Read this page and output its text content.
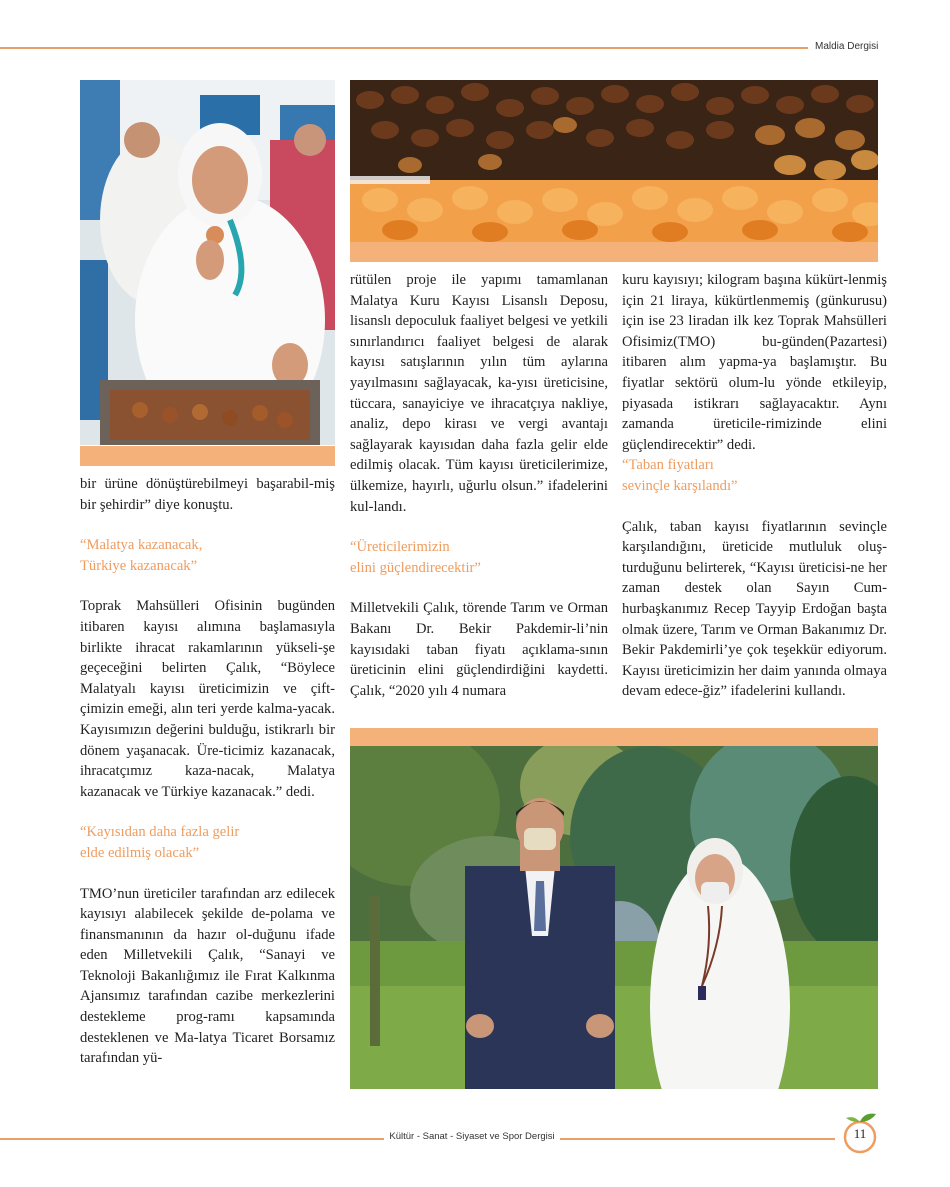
Maldia Dergisi

bir ürüne dönüştürebilmeyi başarabil-miş bir şehirdir” diye konuştu.

“Malatya kazanacak,

Türkiye kazanacak”

Toprak Mahsülleri Ofisinin bugünden itibaren kayısı alımına başlamasıyla birlikte ihracat rakamlarının yükseli-şe geçeceğini belirten Çalık, “Böylece Malatyalı kayısı üreticimizin ve çift-çimizin emeği, alın teri yerde kalma-yacak. Kayısımızın değerini bulduğu, istikrarlı bir dönem yaşanacak. Üre-ticimiz kazanacak, ihracatçımız kaza-nacak, Malatya kazanacak ve Türkiye kazanacak.” dedi.

“Kayısıdan daha fazla gelir

elde edilmiş olacak”

TMO’nun üreticiler tarafından arz edilecek kayısıyı alabilecek şekilde de-polama ve finansmanının da hazır ol-duğunu ifade eden Milletvekili Çalık, “Sanayi ve Teknoloji Bakanlığımız ile Fırat Kalkınma Ajansımız tarafından cazibe merkezlerini destekleme prog-ramı kapsamında desteklenen ve Ma-latya Ticaret Borsamız tarafından yü-

rütülen proje ile yapımı tamamlanan Malatya Kuru Kayısı Lisanslı Deposu, lisanslı depoculuk faaliyet belgesi ve yetkili sınırlandırıcı faaliyet belgesi de alarak kayısı satışlarının yılın tüm aylarına yayılmasını sağlayacak, ka-yısı üreticisine, tüccara, sanayiciye ve ihracatçıya nakliye, analiz, depo kirası ve vergi avantajı sağlayarak kayısıdan daha fazla gelir elde edilmiş olacak. Tüm kayısı üreticilerimize, ülkemize, hayırlı, uğurlu olsun.” ifadelerini kul-landı.

“Üreticilerimizin

elini güçlendirecektir”

Milletvekili Çalık, törende Tarım ve Orman Bakanı Dr. Bekir Pakdemir-li’nin kayısıdaki taban fiyatı açıklama-sının üreticinin elini güçlendirdiğini kaydetti. Çalık, “2020 yılı 4 numara

kuru kayısıyı; kilogram başına kükürt-lenmiş için 21 liraya, kükürtlenmemiş (günkurusu) için ise 23 liradan ilk kez Toprak Mahsülleri Ofisimiz(TMO) bu-günden(Pazartesi) itibaren alım yapma-ya başlamıştır. Bu fiyatlar sektörü olum-lu yönde etkileyip, piyasada istikrarı sağlayacaktır. Aynı zamanda üreticile-rimizinde elini güçlendirecektir” dedi.

“Taban fiyatları

sevinçle karşılandı”

Çalık, taban kayısı fiyatlarının sevinçle karşılandığını, üreticide mutluluk oluş-turduğunu belirterek, “Kayısı üreticisi-ne her zaman destek olan Sayın Cum-hurbaşkanımız Recep Tayyip Erdoğan başta olmak üzere, Tarım ve Orman Bakanımız Dr. Bekir Pakdemirli’ye çok teşekkür ediyorum. Kayısı üreticimizin her daim yanında olmaya devam edece-ğiz” ifadelerini kullandı.

Kültür - Sanat - Siyaset ve Spor Dergisi	11
